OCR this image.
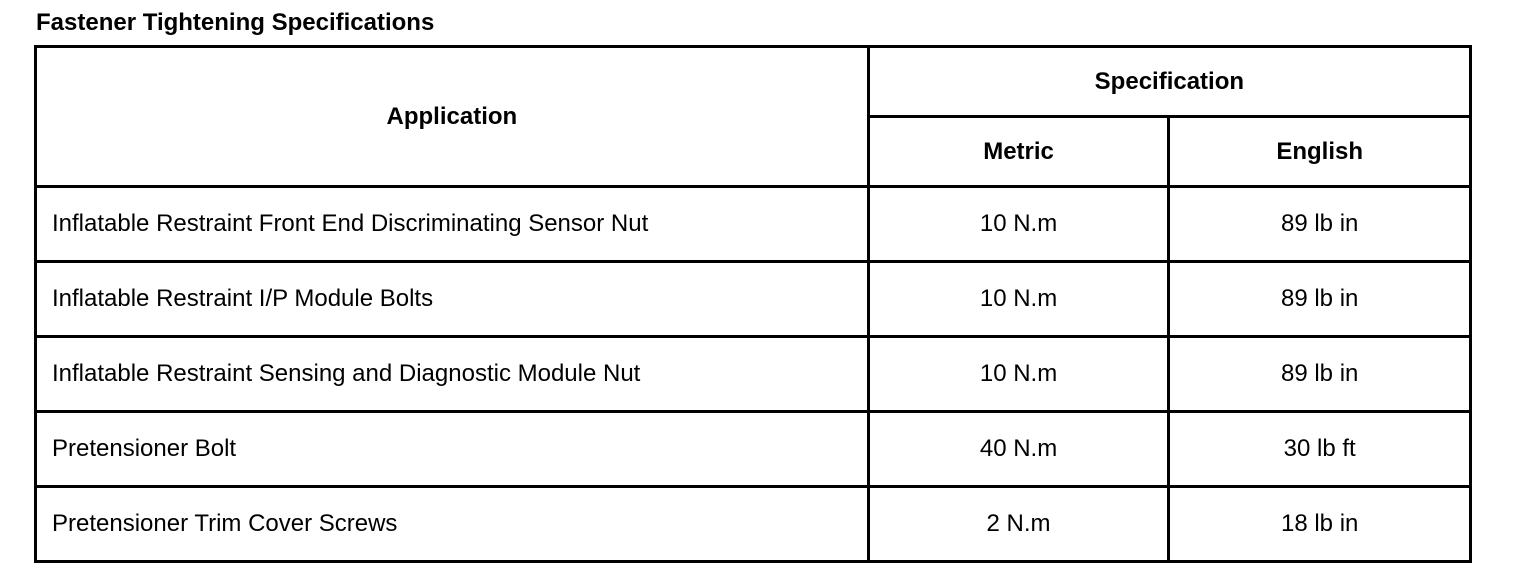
Fastener Tightening Specifications
Application	Specification	
	Metric	English
Inflatable Restraint Front End Discriminating Sensor Nut	10 N.m	89 lb in
Inflatable Restraint I/P Module Bolts	10 N.m	89 lb in
Inflatable Restraint Sensing and Diagnostic Module Nut	10 N.m	89 lb in
Pretensioner Bolt	40 N.m	30 lb ft
Pretensioner Trim Cover Screws	2 N.m	18 lb in
